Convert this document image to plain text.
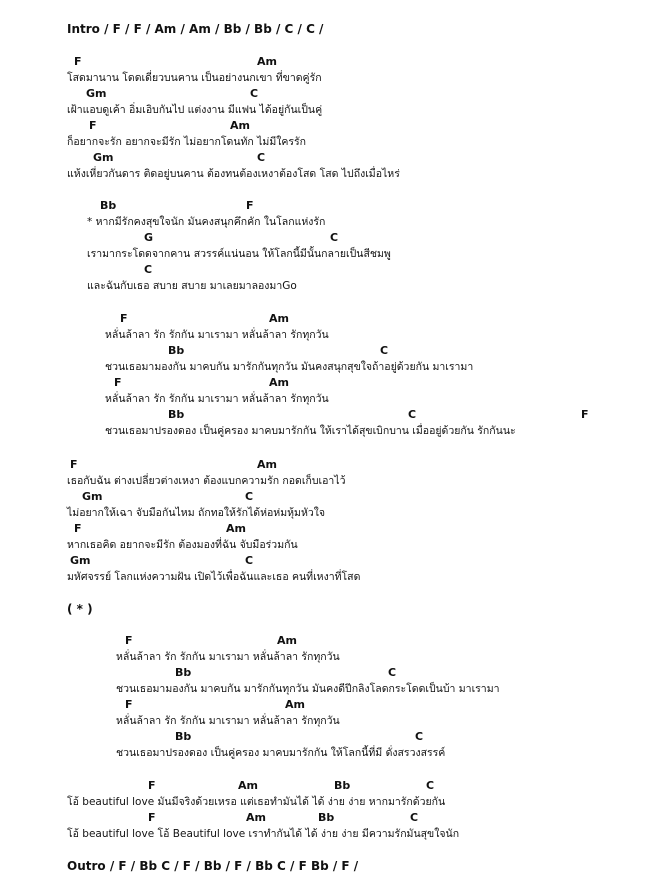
Intro / F / F / Am / Am / Bb / Bb / C / C /
F	Am
โสดมานาน โดดเดี่ยวบนคาน เป็นอย่างนกเขา ที่ขาดคู่รัก
Gm	C
เฝ้าแอบดูเค้า อิ่มเอิบกันไป แต่งงาน มีแฟน ได้อยู่กันเป็นคู่
F	Am
ก็อยากจะรัก อยากจะมีรัก ไม่อยากโดนทัก ไม่มีใครรัก
Gm	C
แห้งเหี่ยวกันดาร ติดอยู่บนคาน ต้องทนต้องเหงาต้องโสด โสด ไปถึงเมื่อไหร่
Bb	F
* หากมีรักคงสุขใจนัก มันคงสนุกคึกคัก ในโลกแห่งรัก
G	C
เรามากระโดดจากคาน สวรรค์แน่นอน ให้โลกนี้มีนั้นกลายเป็นสีชมพู
C
และฉันกับเธอ สบาย สบาย มาเลยมาลองมาGo
F	Am
หลั่นล้าลา รัก รักกัน มาเรามา หลั่นล้าลา รักทุกวัน
Bb	C
ชวนเธอมามองกัน มาคบกัน มารักกันทุกวัน มันคงสนุกสุขใจถ้าอยู่ด้วยกัน มาเรามา
F	Am
หลั่นล้าลา รัก รักกัน มาเรามา หลั่นล้าลา รักทุกวัน
Bb	C	F
ชวนเธอมาปรองดอง เป็นคู่ครอง มาคบมารักกัน ให้เราได้สุขเบิกบาน เมื่ออยู่ด้วยกัน รักกันนะ
F	Am
เธอกับฉัน ต่างเปลี่ยวต่างเหงา ต้องแบกความรัก กอดเก็บเอาไว้
Gm	C
ไม่อยากให้เฉา จับมือกันไหม ถักทอให้รักได้ห่อห่มหุ้มหัวใจ
F	Am
หากเธอคิด อยากจะมีรัก ต้องมองที่ฉัน จับมือร่วมกัน
Gm	C
มหัศจรรย์ โลกแห่งความฝัน เปิดไว้เพื่อฉันและเธอ คนที่เหงาที่โสด
( * )
F	Am
หลั่นล้าลา รัก รักกัน มาเรามา หลั่นล้าลา รักทุกวัน
Bb	C
ชวนเธอมามองกัน มาคบกัน มารักกันทุกวัน มันคงดีปีกลิงโลดกระโดดเป็นบ้า มาเรามา
F	Am
หลั่นล้าลา รัก รักกัน มาเรามา หลั่นล้าลา รักทุกวัน
Bb	C
ชวนเธอมาปรองดอง เป็นคู่ครอง มาคบมารักกัน ให้โลกนี้ที่มี ดั่งสรวงสรรค์
F	Am	Bb	C
โอ้ beautiful love มันมีจริงด้วยเหรอ แต่เธอทำมันได้ ได้ ง่าย ง่าย หากมารักด้วยกัน
F	Am	Bb	C
โอ้ beautiful love โอ้ Beautiful love เราทำกันได้ ได้ ง่าย ง่าย มีความรักมันสุขใจนัก
Outro / F / Bb C / F / Bb / F / Bb C / F Bb / F /
